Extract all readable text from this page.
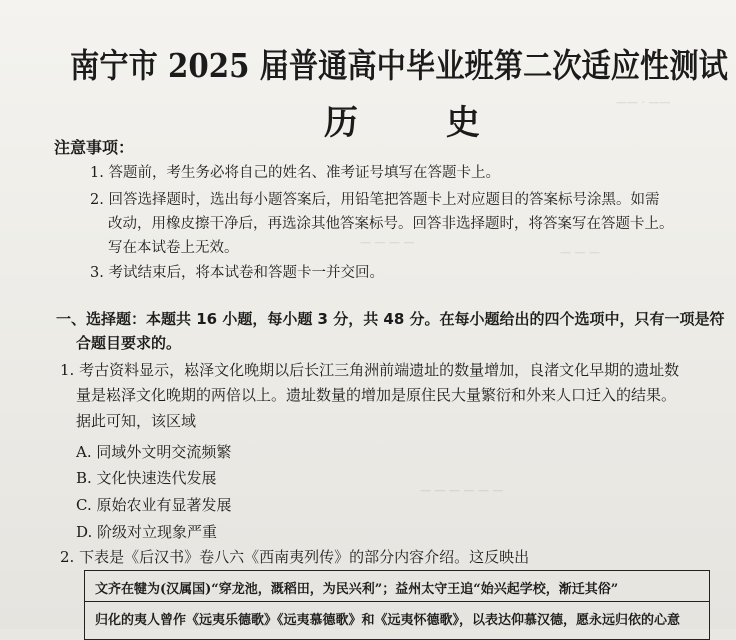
—— · ——
— — — —
— — —
— — — — — —
南宁市 2025 届普通高中毕业班第二次适应性测试
历 史
注意事项：
1. 答题前，考生务必将自己的姓名、准考证号填写在答题卡上。
2. 回答选择题时，选出每小题答案后，用铅笔把答题卡上对应题目的答案标号涂黑。如需
改动，用橡皮擦干净后，再选涂其他答案标号。回答非选择题时，将答案写在答题卡上。
写在本试卷上无效。
3. 考试结束后，将本试卷和答题卡一并交回。
一、选择题：本题共 16 小题，每小题 3 分，共 48 分。在每小题给出的四个选项中，只有一项是符
合题目要求的。
1. 考古资料显示，崧泽文化晚期以后长江三角洲前端遗址的数量增加，良渚文化早期的遗址数
量是崧泽文化晚期的两倍以上。遗址数量的增加是原住民大量繁衍和外来人口迁入的结果。
据此可知，该区域
A. 同域外文明交流频繁
B. 文化快速迭代发展
C. 原始农业有显著发展
D. 阶级对立现象严重
2. 下表是《后汉书》卷八六《西南夷列传》的部分内容介绍。这反映出
文齐在犍为(汉属国)“穿龙池，溉稻田，为民兴利”；益州太守王追“始兴起学校，渐迁其俗”
归化的夷人曾作《远夷乐德歌》《远夷慕德歌》和《远夷怀德歌》，以表达仰慕汉德，愿永远归依的心意
